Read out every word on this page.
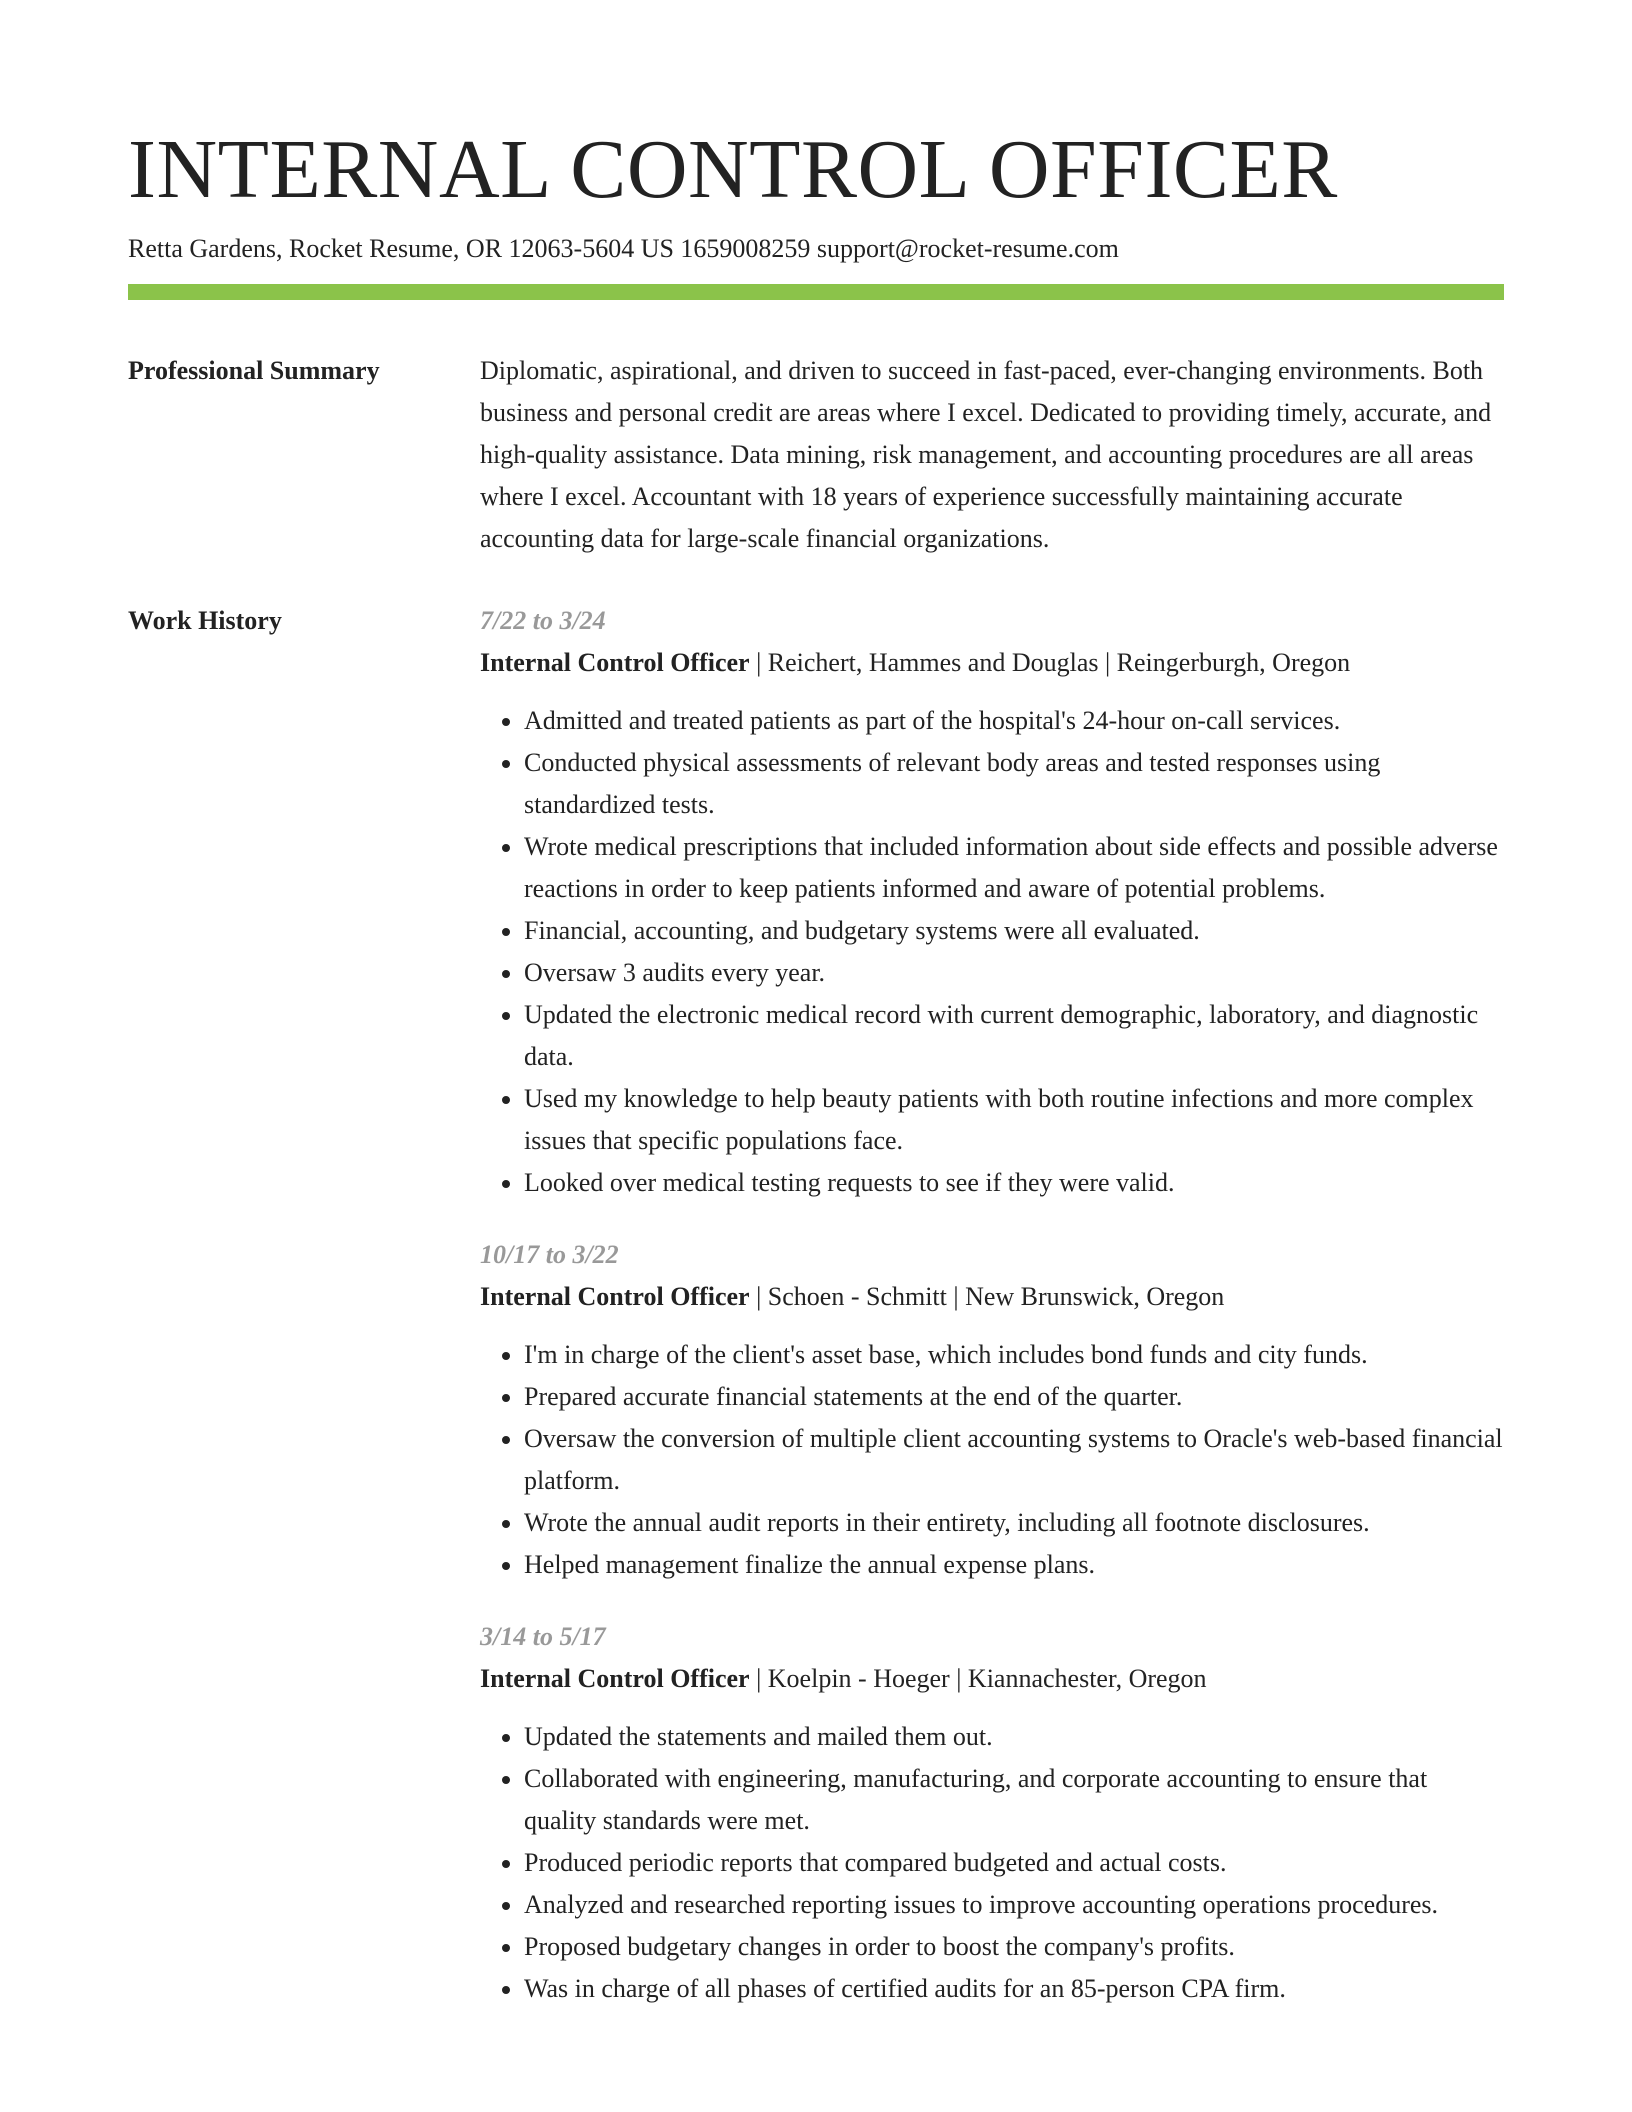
INTERNAL CONTROL OFFICER
Retta Gardens, Rocket Resume, OR 12063-5604 US 1659008259 support@rocket-resume.com
Professional Summary	Diplomatic, aspirational, and driven to succeed in fast-paced, ever-changing environments. Both business and personal credit are areas where I excel. Dedicated to providing timely, accurate, and high-quality assistance. Data mining, risk management, and accounting procedures are all areas where I excel. Accountant with 18 years of experience successfully maintaining accurate accounting data for large-scale financial organizations.

Work History	7/22 to 3/24

Internal Control Officer | Reichert, Hammes and Douglas | Reingerburgh, Oregon

• Admitted and treated patients as part of the hospital's 24-hour on-call services.
• Conducted physical assessments of relevant body areas and tested responses using standardized tests.
• Wrote medical prescriptions that included information about side effects and possible adverse reactions in order to keep patients informed and aware of potential problems.
• Financial, accounting, and budgetary systems were all evaluated.
• Oversaw 3 audits every year.
• Updated the electronic medical record with current demographic, laboratory, and diagnostic data.
• Used my knowledge to help beauty patients with both routine infections and more complex issues that specific populations face.
• Looked over medical testing requests to see if they were valid.
10/17 to 3/22

Internal Control Officer | Schoen - Schmitt | New Brunswick, Oregon

• I'm in charge of the client's asset base, which includes bond funds and city funds.
• Prepared accurate financial statements at the end of the quarter.
• Oversaw the conversion of multiple client accounting systems to Oracle's web-based financial platform.
• Wrote the annual audit reports in their entirety, including all footnote disclosures.
• Helped management finalize the annual expense plans.
3/14 to 5/17

Internal Control Officer | Koelpin - Hoeger | Kiannachester, Oregon

• Updated the statements and mailed them out.
• Collaborated with engineering, manufacturing, and corporate accounting to ensure that quality standards were met.
• Produced periodic reports that compared budgeted and actual costs.
• Analyzed and researched reporting issues to improve accounting operations procedures.
• Proposed budgetary changes in order to boost the company's profits.
• Was in charge of all phases of certified audits for an 85-person CPA firm.
